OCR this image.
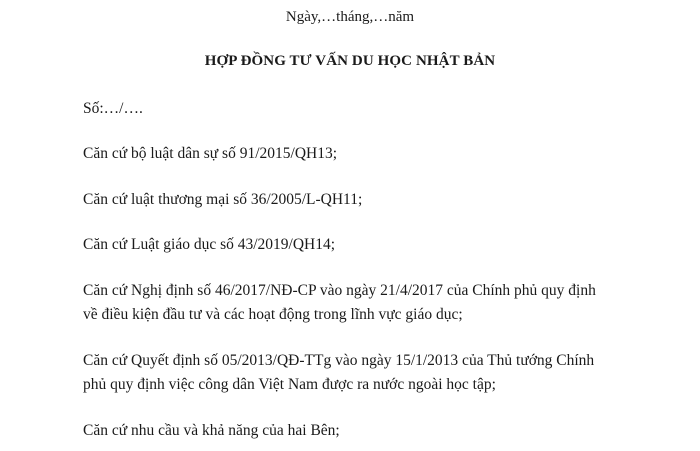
Ngày,…tháng,…năm
HỢP ĐỒNG TƯ VẤN DU HỌC NHẬT BẢN
Số:…/….
Căn cứ bộ luật dân sự số 91/2015/QH13;
Căn cứ luật thương mại số 36/2005/L-QH11;
Căn cứ Luật giáo dục số 43/2019/QH14;
Căn cứ Nghị định số 46/2017/NĐ-CP vào ngày 21/4/2017 của Chính phủ quy định
về điều kiện đầu tư và các hoạt động trong lĩnh vực giáo dục;
Căn cứ Quyết định số 05/2013/QĐ-TTg vào ngày 15/1/2013 của Thủ tướng Chính
phủ quy định việc công dân Việt Nam được ra nước ngoài học tập;
Căn cứ nhu cầu và khả năng của hai Bên;
